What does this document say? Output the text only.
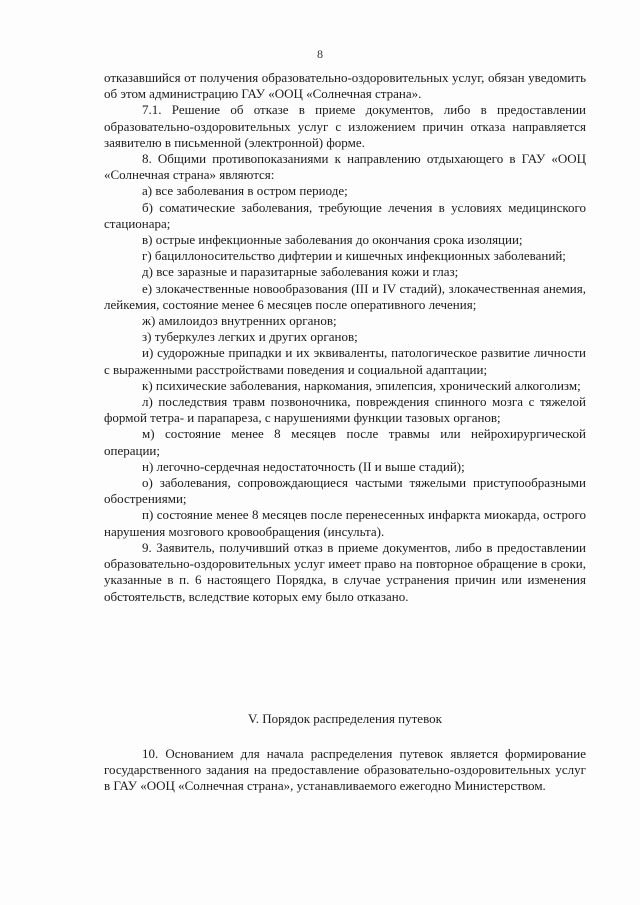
8

отказавшийся от получения образовательно-оздоровительных услуг, обязан уведомить об этом администрацию ГАУ «ООЦ «Солнечная страна».

7.1. Решение об отказе в приеме документов, либо в предоставлении образовательно-оздоровительных услуг с изложением причин отказа направляется заявителю в письменной (электронной) форме.

8. Общими противопоказаниями к направлению отдыхающего в ГАУ «ООЦ «Солнечная страна» являются:

а) все заболевания в остром периоде;

б) соматические заболевания, требующие лечения в условиях медицинского стационара;

в) острые инфекционные заболевания до окончания срока изоляции;

г) бациллоносительство дифтерии и кишечных инфекционных заболеваний;

д) все заразные и паразитарные заболевания кожи и глаз;

е) злокачественные новообразования (III и IV стадий), злокачественная анемия, лейкемия, состояние менее 6 месяцев после оперативного лечения;

ж) амилоидоз внутренних органов;

з) туберкулез легких и других органов;

и) судорожные припадки и их эквиваленты, патологическое развитие личности с выраженными расстройствами поведения и социальной адаптации;

к) психические заболевания, наркомания, эпилепсия, хронический алкоголизм;

л) последствия травм позвоночника, повреждения спинного мозга с тяжелой формой тетра- и парапареза, с нарушениями функции тазовых органов;

м) состояние менее 8 месяцев после травмы или нейрохирургической операции;

н) легочно-сердечная недостаточность (II и выше стадий);

о) заболевания, сопровождающиеся частыми тяжелыми приступообразными обострениями;

п) состояние менее 8 месяцев после перенесенных инфаркта миокарда, острого нарушения мозгового кровообращения (инсульта).

9. Заявитель, получивший отказ в приеме документов, либо в предоставлении образовательно-оздоровительных услуг имеет право на повторное обращение в сроки, указанные в п. 6 настоящего Порядка, в случае устранения причин или изменения обстоятельств, вследствие которых ему было отказано.

V. Порядок распределения путевок

10. Основанием для начала распределения путевок является формирование государственного задания на предоставление образовательно-оздоровительных услуг в ГАУ «ООЦ «Солнечная страна», устанавливаемого ежегодно Министерством.
